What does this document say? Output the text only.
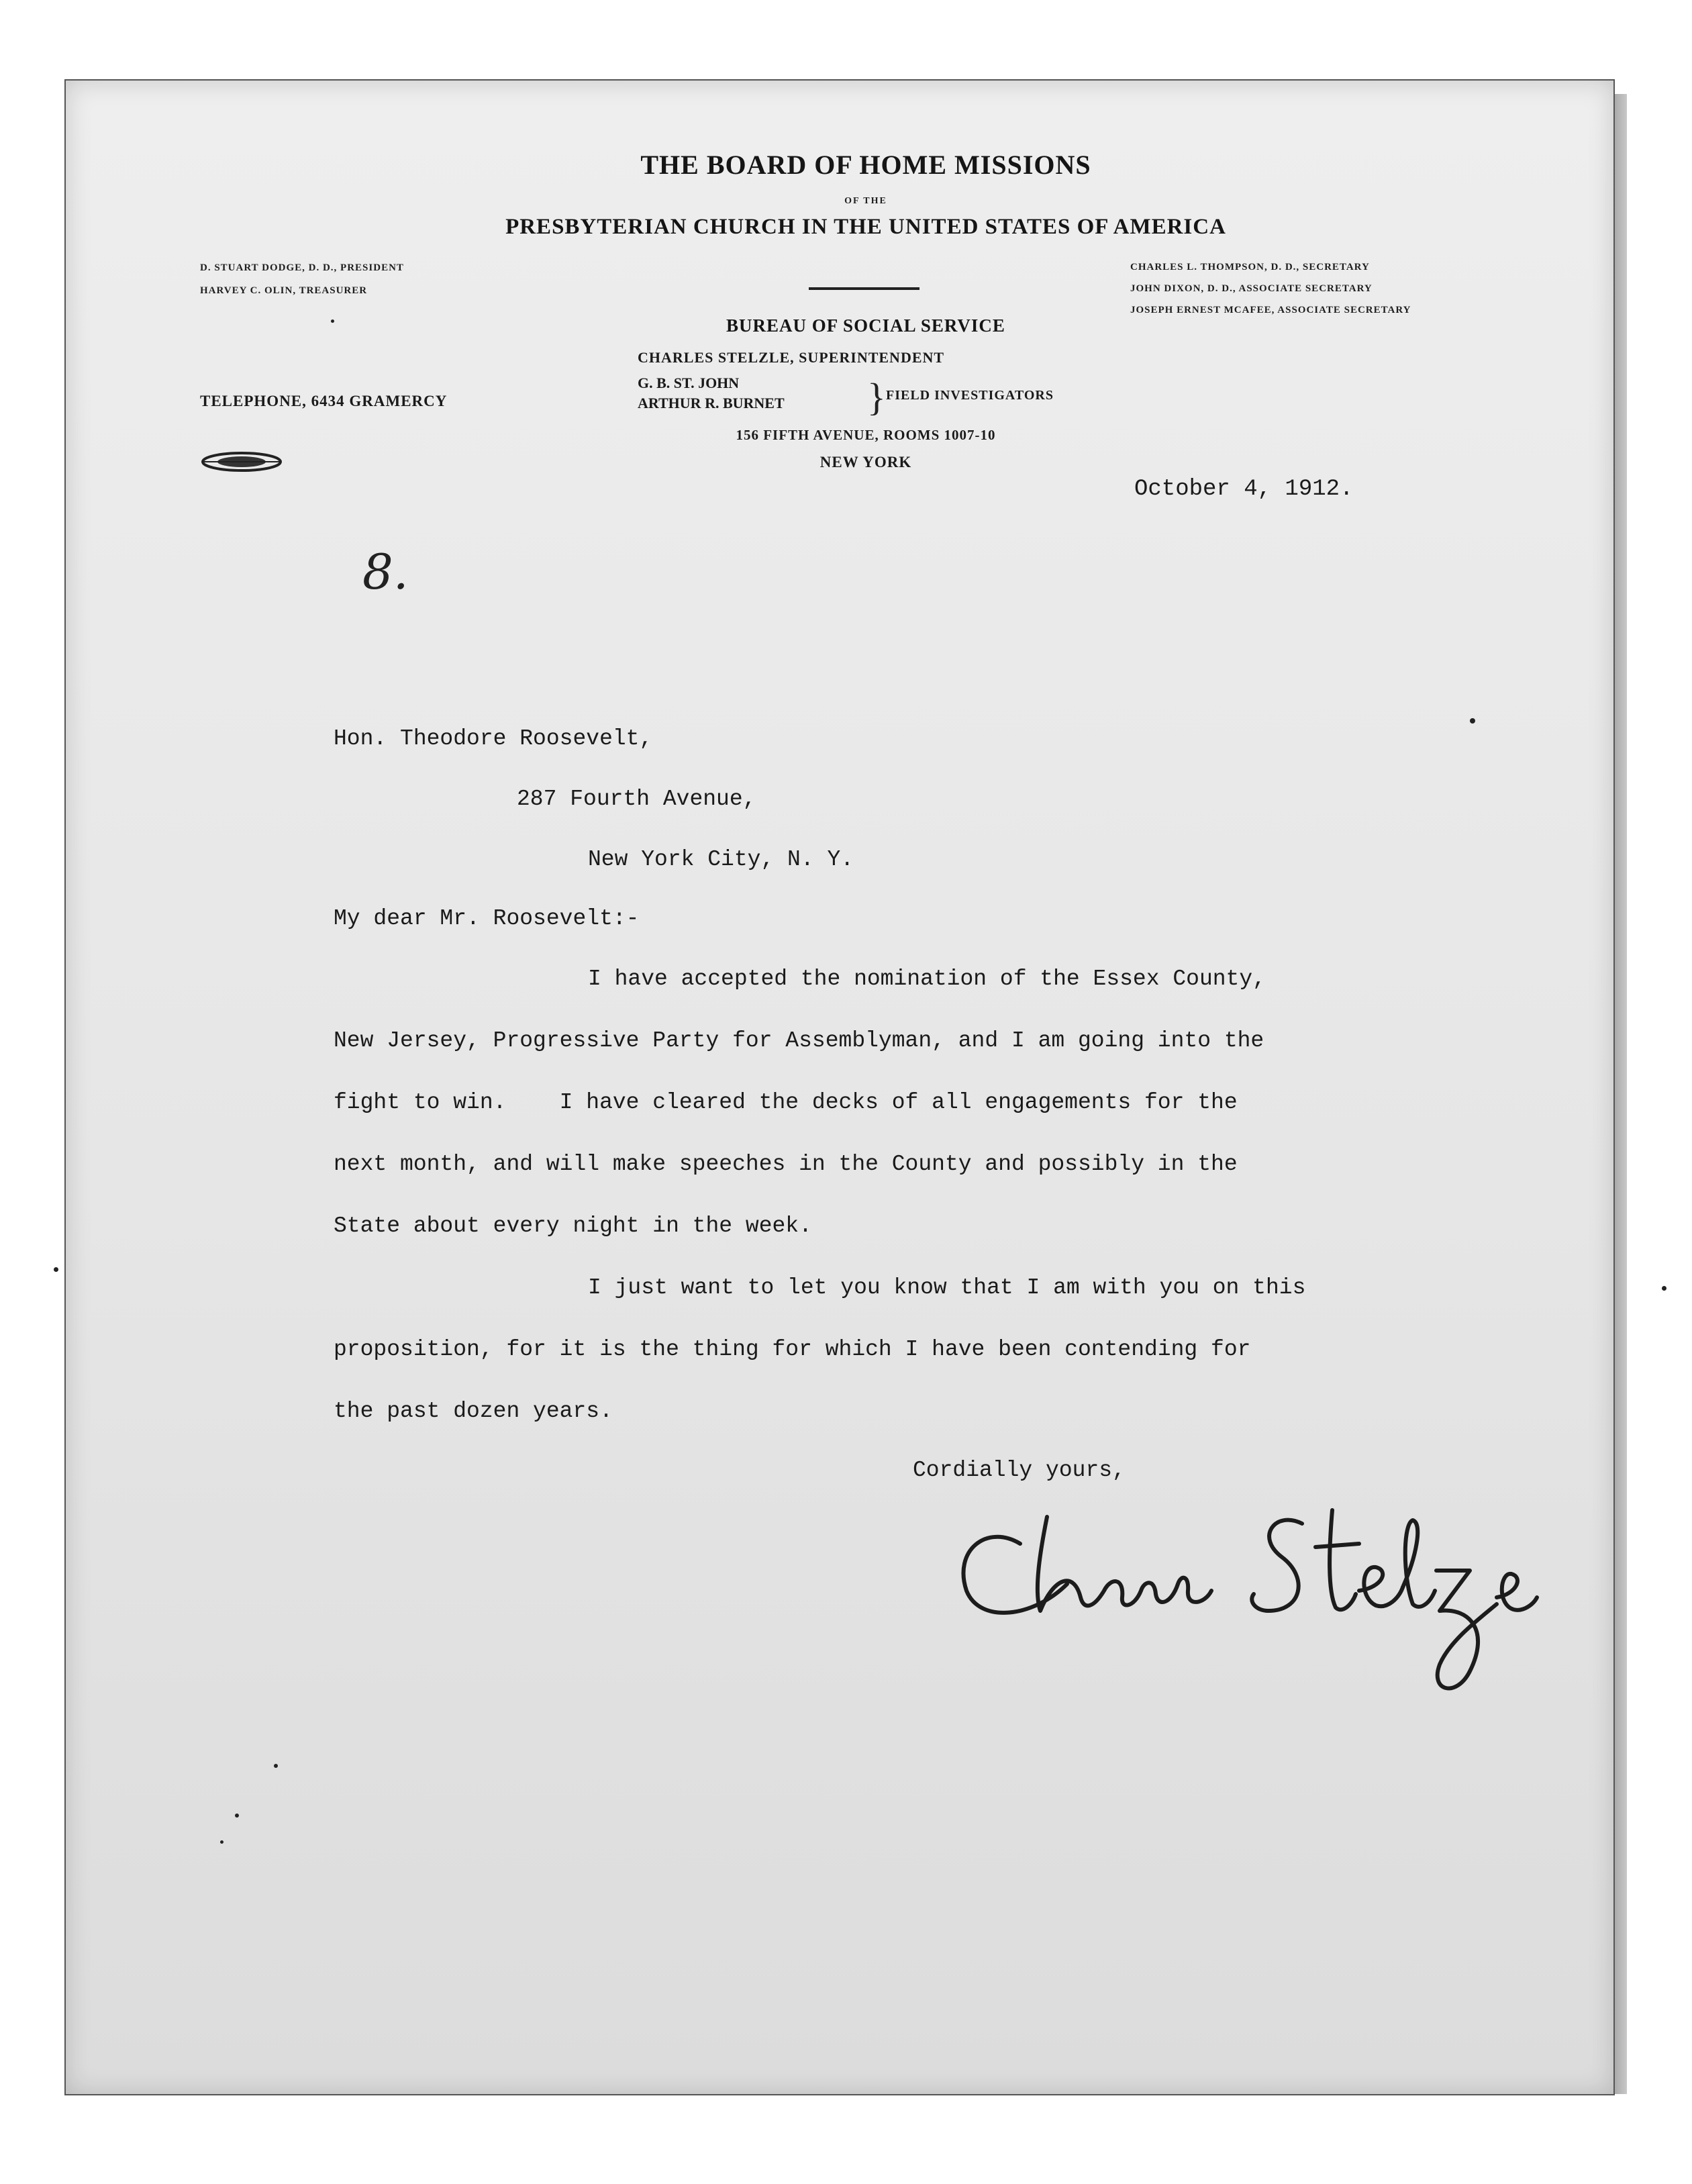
THE BOARD OF HOME MISSIONS
OF THE
PRESBYTERIAN CHURCH IN THE UNITED STATES OF AMERICA
D. STUART DODGE, D. D., PRESIDENT
HARVEY C. OLIN, TREASURER
CHARLES L. THOMPSON, D. D., SECRETARY
JOHN DIXON, D. D., ASSOCIATE SECRETARY
JOSEPH ERNEST MCAFEE, ASSOCIATE SECRETARY
BUREAU OF SOCIAL SERVICE
CHARLES STELZLE, SUPERINTENDENT
G. B. ST. JOHN
ARTHUR R. BURNET	} FIELD INVESTIGATORS
TELEPHONE, 6434 GRAMERCY
156 FIFTH AVENUE, ROOMS 1007-10
NEW YORK
October 4, 1912.
8.
Hon. Theodore Roosevelt,
287 Fourth Avenue,
New York City, N. Y.
My dear Mr. Roosevelt:-
I have accepted the nomination of the Essex County,
New Jersey, Progressive Party for Assemblyman, and I am going into the
fight to win.    I have cleared the decks of all engagements for the
next month, and will make speeches in the County and possibly in the
State about every night in the week.
I just want to let you know that I am with you on this
proposition, for it is the thing for which I have been contending for
the past dozen years.
Cordially yours,
